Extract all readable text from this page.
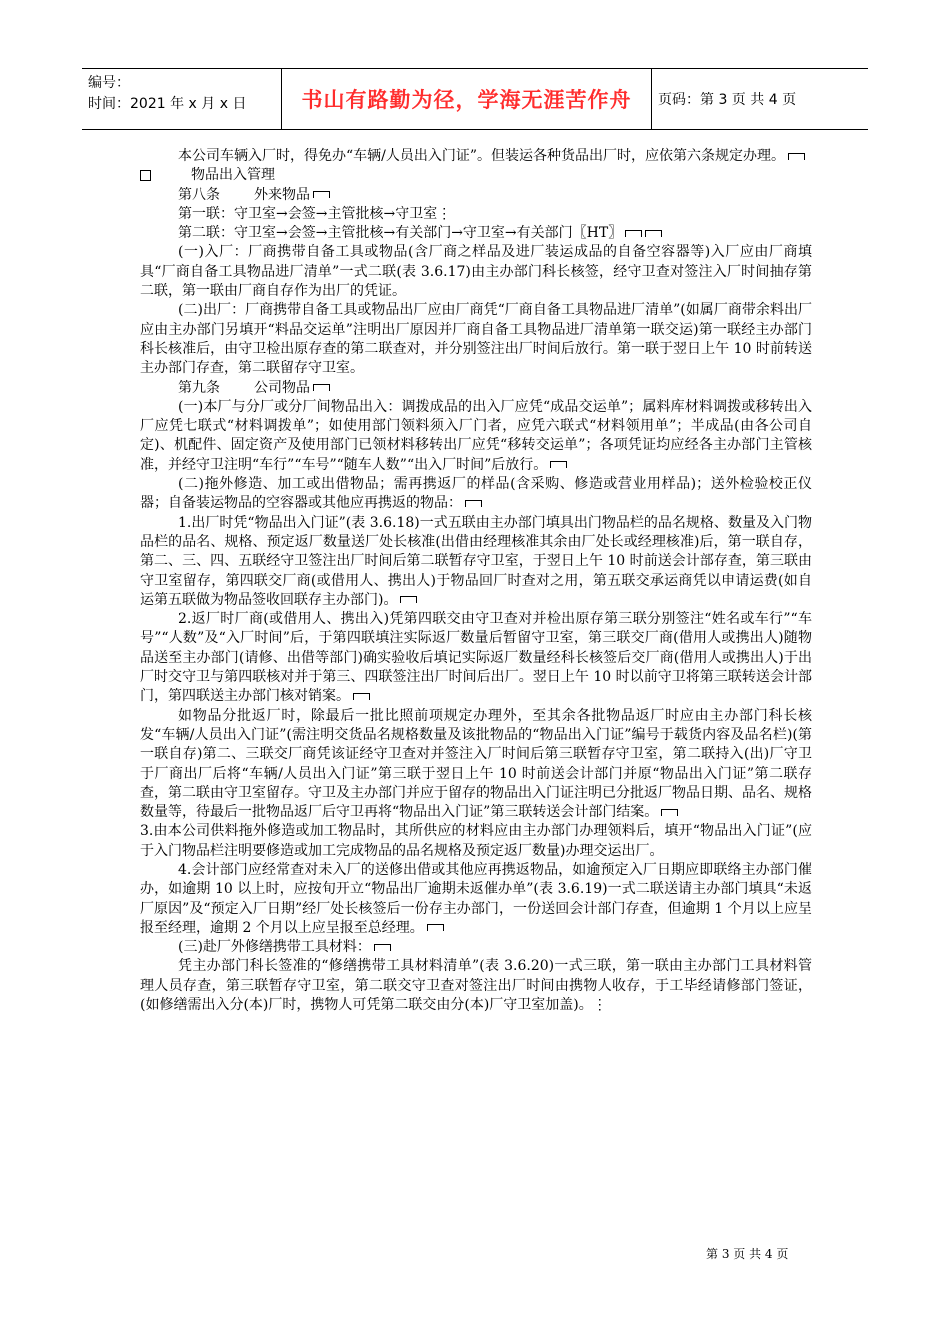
编号：
时间：2021 年 x 月 x 日	书山有路勤为径，学海无涯苦作舟	页码：第 3 页 共 4 页

本公司车辆入厂时，得免办“车辆/人员出入门证”。但装运各种货品出厂时，应依第六条规定办理。

物品出入管理

第八条 外来物品

第一联：守卫室→会签→主管批核→守卫室⋮

第二联：守卫室→会签→主管批核→有关部门→守卫室→有关部门〖HT〗

(一)入厂：厂商携带自备工具或物品(含厂商之样品及进厂装运成品的自备空容器等)入厂应由厂商填具“厂商自备工具物品进厂清单”一式二联(表 3.6.17)由主办部门科长核签，经守卫查对签注入厂时间抽存第二联，第一联由厂商自存作为出厂的凭证。

(二)出厂：厂商携带自备工具或物品出厂应由厂商凭“厂商自备工具物品进厂清单”(如属厂商带余料出厂应由主办部门另填开“料品交运单”注明出厂原因并厂商自备工具物品进厂清单第一联交运)第一联经主办部门科长核准后，由守卫检出原存查的第二联查对，并分别签注出厂时间后放行。第一联于翌日上午 10 时前转送主办部门存查，第二联留存守卫室。

第九条 公司物品

(一)本厂与分厂或分厂间物品出入：调拨成品的出入厂应凭“成品交运单”；属料库材料调拨或移转出入厂应凭七联式“材料调拨单”；如使用部门领料须入厂门者，应凭六联式“材料领用单”；半成品(由各公司自定)、机配件、固定资产及使用部门已领材料移转出厂应凭“移转交运单”；各项凭证均应经各主办部门主管核准，并经守卫注明“车行”“车号”“随车人数”“出入厂时间”后放行。

(二)拖外修造、加工或出借物品；需再携返厂的样品(含采购、修造或营业用样品)；送外检验校正仪器；自备装运物品的空容器或其他应再携返的物品：

1.出厂时凭“物品出入门证”(表 3.6.18)一式五联由主办部门填具出门物品栏的品名规格、数量及入门物品栏的品名、规格、预定返厂数量送厂处长核准(出借由经理核准其余由厂处长或经理核准)后，第一联自存，第二、三、四、五联经守卫签注出厂时间后第二联暂存守卫室，于翌日上午 10 时前送会计部存查，第三联由守卫室留存，第四联交厂商(或借用人、携出人)于物品回厂时查对之用，第五联交承运商凭以申请运费(如自运第五联做为物品签收回联存主办部门)。

2.返厂时厂商(或借用人、携出入)凭第四联交由守卫查对并检出原存第三联分别签注“姓名或车行”“车号”“人数”及“入厂时间”后，于第四联填注实际返厂数量后暂留守卫室，第三联交厂商(借用人或携出人)随物品送至主办部门(请修、出借等部门)确实验收后填记实际返厂数量经科长核签后交厂商(借用人或携出人)于出厂时交守卫与第四联核对并于第三、四联签注出厂时间后出厂。翌日上午 10 时以前守卫将第三联转送会计部门，第四联送主办部门核对销案。

如物品分批返厂时，除最后一批比照前项规定办理外，至其余各批物品返厂时应由主办部门科长核发“车辆/人员出入门证”(需注明交货品名规格数量及该批物品的“物品出入门证”编号于载货内容及品名栏)(第一联自存)第二、三联交厂商凭该证经守卫查对并签注入厂时间后第三联暂存守卫室，第二联持入(出)厂守卫于厂商出厂后将“车辆/人员出入门证”第三联于翌日上午 10 时前送会计部门并原“物品出入门证”第二联存查，第二联由守卫室留存。守卫及主办部门并应于留存的物品出入门证注明已分批返厂物品日期、品名、规格数量等，待最后一批物品返厂后守卫再将“物品出入门证”第三联转送会计部门结案。

3.由本公司供料拖外修造或加工物品时，其所供应的材料应由主办部门办理领料后，填开“物品出入门证”(应于入门物品栏注明要修造或加工完成物品的品名规格及预定返厂数量)办理交运出厂。

4.会计部门应经常查对未入厂的送修出借或其他应再携返物品，如逾预定入厂日期应即联络主办部门催办，如逾期 10 以上时，应按旬开立“物品出厂逾期未返催办单”(表 3.6.19)一式二联送请主办部门填具“未返厂原因”及“预定入厂日期”经厂处长核签后一份存主办部门，一份送回会计部门存查，但逾期 1 个月以上应呈报至经理，逾期 2 个月以上应呈报至总经理。

(三)赴厂外修缮携带工具材料：

凭主办部门科长签准的“修缮携带工具材料清单”(表 3.6.20)一式三联，第一联由主办部门工具材料管理人员存查，第三联暂存守卫室，第二联交守卫查对签注出厂时间由携物人收存，于工毕经请修部门签证，(如修缮需出入分(本)厂时，携物人可凭第二联交由分(本)厂守卫室加盖)。⋮

第 3 页 共 4 页
